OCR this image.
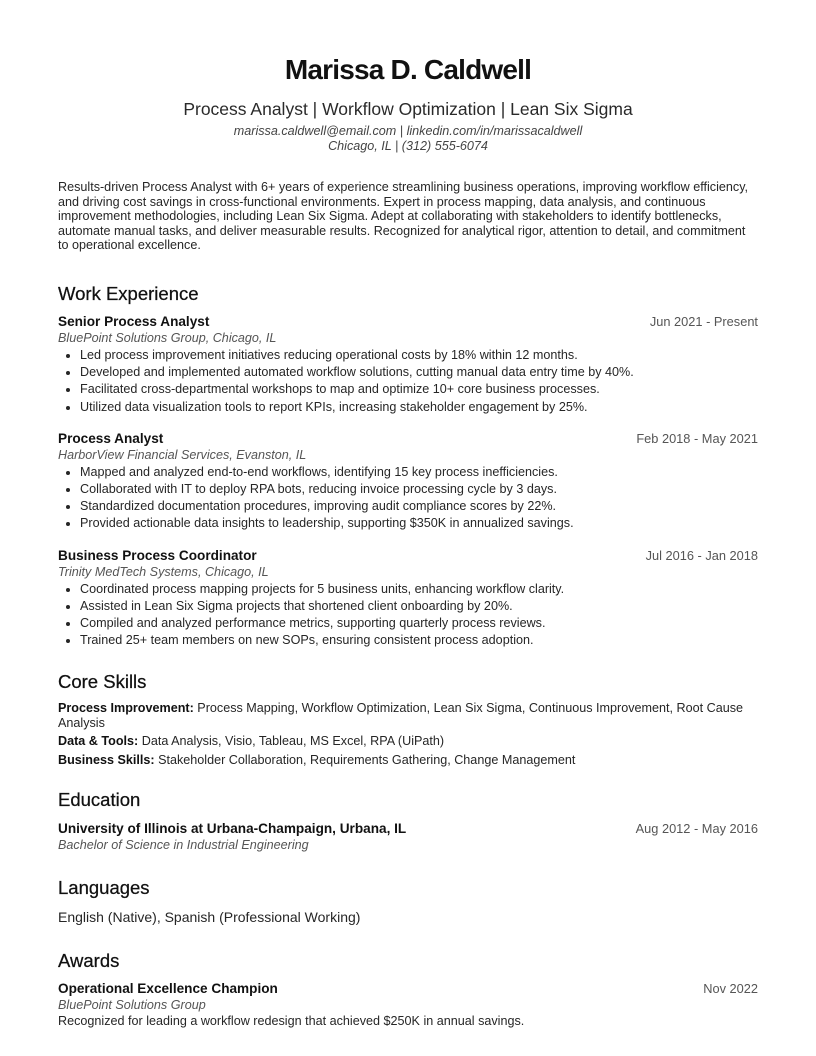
Marissa D. Caldwell
Process Analyst | Workflow Optimization | Lean Six Sigma
marissa.caldwell@email.com | linkedin.com/in/marissacaldwell
Chicago, IL | (312) 555-6074
Results-driven Process Analyst with 6+ years of experience streamlining business operations, improving workflow efficiency, and driving cost savings in cross-functional environments. Expert in process mapping, data analysis, and continuous improvement methodologies, including Lean Six Sigma. Adept at collaborating with stakeholders to identify bottlenecks, automate manual tasks, and deliver measurable results. Recognized for analytical rigor, attention to detail, and commitment to operational excellence.
Work Experience
Senior Process Analyst	Jun 2021 - Present
BluePoint Solutions Group, Chicago, IL
• Led process improvement initiatives reducing operational costs by 18% within 12 months.
• Developed and implemented automated workflow solutions, cutting manual data entry time by 40%.
• Facilitated cross-departmental workshops to map and optimize 10+ core business processes.
• Utilized data visualization tools to report KPIs, increasing stakeholder engagement by 25%.
Process Analyst	Feb 2018 - May 2021
HarborView Financial Services, Evanston, IL
• Mapped and analyzed end-to-end workflows, identifying 15 key process inefficiencies.
• Collaborated with IT to deploy RPA bots, reducing invoice processing cycle by 3 days.
• Standardized documentation procedures, improving audit compliance scores by 22%.
• Provided actionable data insights to leadership, supporting $350K in annualized savings.
Business Process Coordinator	Jul 2016 - Jan 2018
Trinity MedTech Systems, Chicago, IL
• Coordinated process mapping projects for 5 business units, enhancing workflow clarity.
• Assisted in Lean Six Sigma projects that shortened client onboarding by 20%.
• Compiled and analyzed performance metrics, supporting quarterly process reviews.
• Trained 25+ team members on new SOPs, ensuring consistent process adoption.
Core Skills
Process Improvement: Process Mapping, Workflow Optimization, Lean Six Sigma, Continuous Improvement, Root Cause Analysis
Data & Tools: Data Analysis, Visio, Tableau, MS Excel, RPA (UiPath)
Business Skills: Stakeholder Collaboration, Requirements Gathering, Change Management
Education
University of Illinois at Urbana-Champaign, Urbana, IL	Aug 2012 - May 2016
Bachelor of Science in Industrial Engineering
Languages
English (Native), Spanish (Professional Working)
Awards
Operational Excellence Champion	Nov 2022
BluePoint Solutions Group
Recognized for leading a workflow redesign that achieved $250K in annual savings.
